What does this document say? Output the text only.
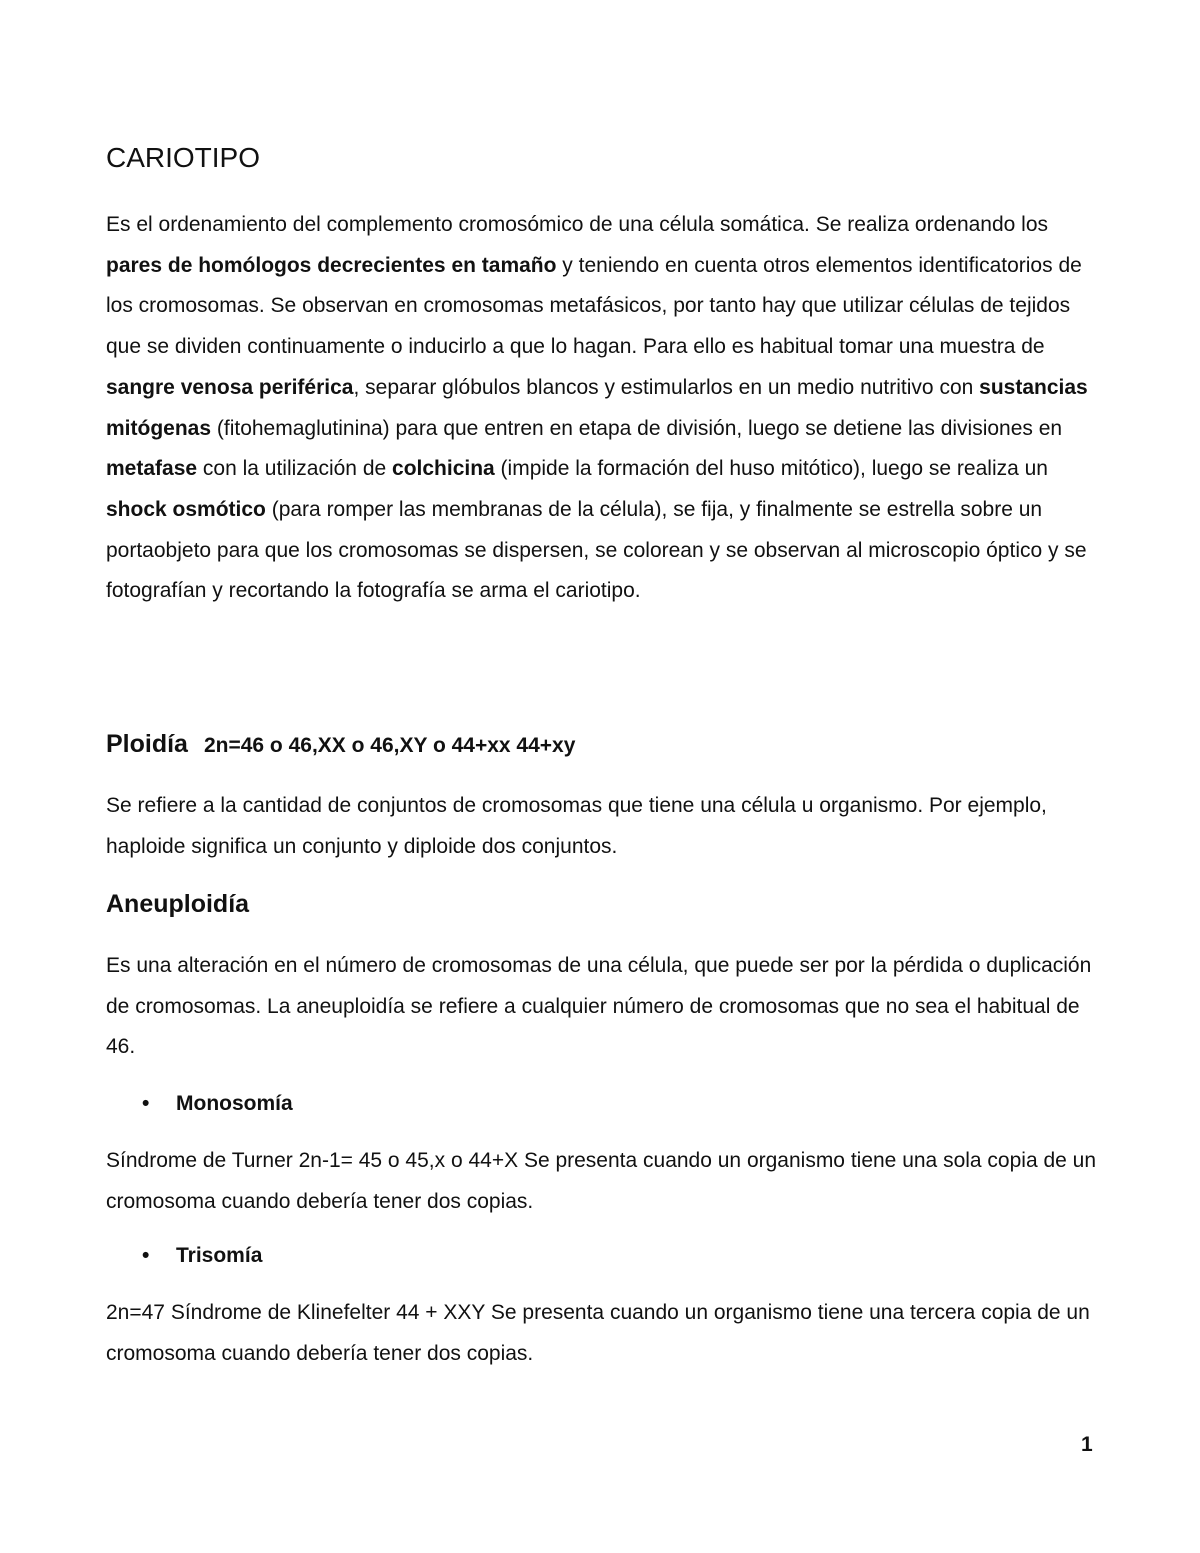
CARIOTIPO

Es el ordenamiento del complemento cromosómico de una célula somática. Se realiza ordenando los pares de homólogos decrecientes en tamaño y teniendo en cuenta otros elementos identificatorios de los cromosomas. Se observan en cromosomas metafásicos, por tanto hay que utilizar células de tejidos que se dividen continuamente o inducirlo a que lo hagan. Para ello es habitual tomar una muestra de sangre venosa periférica, separar glóbulos blancos y estimularlos en un medio nutritivo con sustancias mitógenas (fitohemaglutinina) para que entren en etapa de división, luego se detiene las divisiones en metafase con la utilización de colchicina (impide la formación del huso mitótico), luego se realiza un shock osmótico (para romper las membranas de la célula), se fija, y finalmente se estrella sobre un portaobjeto para que los cromosomas se dispersen, se colorean y se observan al microscopio óptico y se fotografían y recortando la fotografía se arma el cariotipo.

Ploidía 2n=46 o 46,XX o 46,XY o 44+xx 44+xy

Se refiere a la cantidad de conjuntos de cromosomas que tiene una célula u organismo. Por ejemplo, haploide significa un conjunto y diploide dos conjuntos.

Aneuploidía

Es una alteración en el número de cromosomas de una célula, que puede ser por la pérdida o duplicación de cromosomas. La aneuploidía se refiere a cualquier número de cromosomas que no sea el habitual de 46.

• Monosomía

Síndrome de Turner 2n-1= 45 o 45,x o 44+X Se presenta cuando un organismo tiene una sola copia de un cromosoma cuando debería tener dos copias.

• Trisomía

2n=47 Síndrome de Klinefelter 44 + XXY Se presenta cuando un organismo tiene una tercera copia de un cromosoma cuando debería tener dos copias.

1
